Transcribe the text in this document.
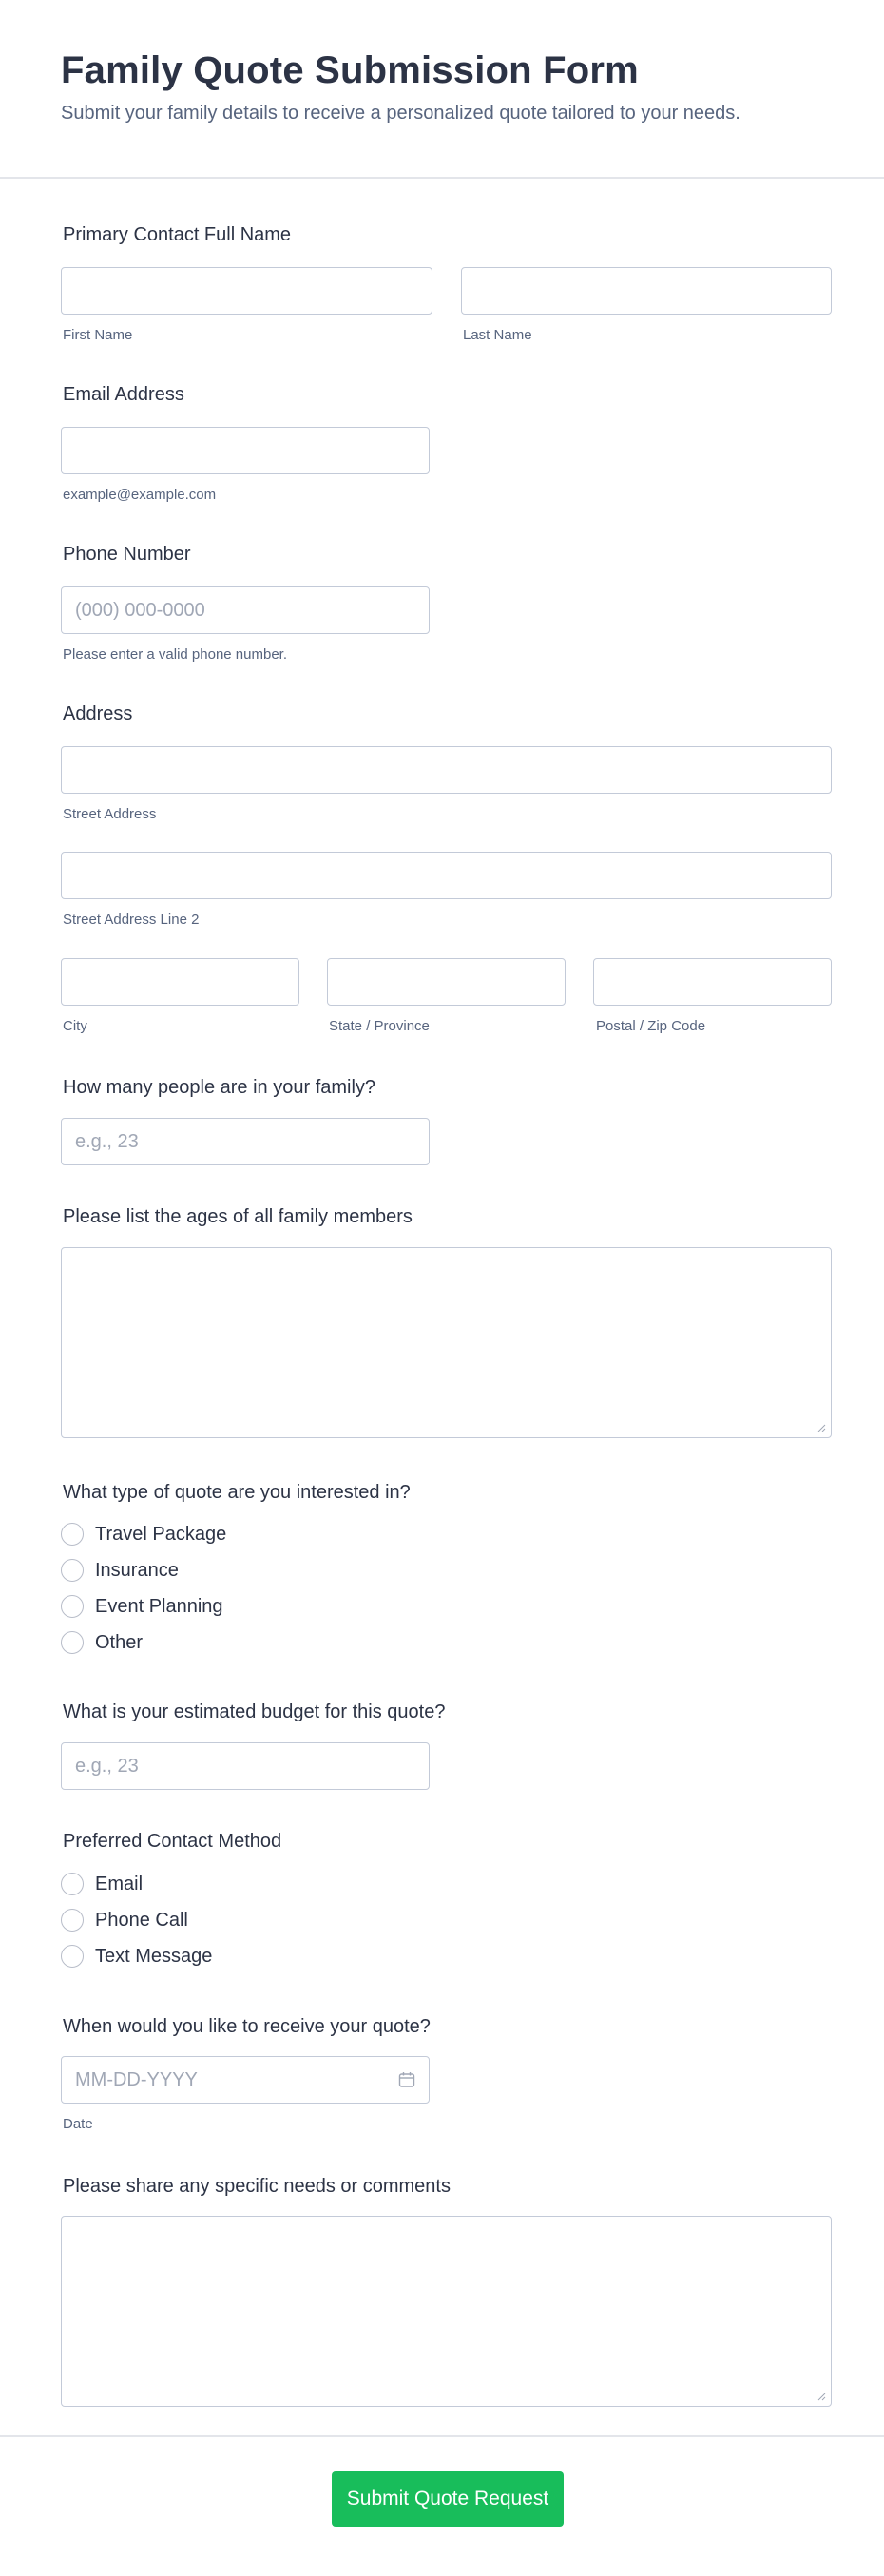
Family Quote Submission Form

Submit your family details to receive a personalized quote tailored to your needs.

Primary Contact Full Name
First Name	Last Name
Email Address
example@example.com
Phone Number
(000) 000-0000
Please enter a valid phone number.
Address
Street Address
Street Address Line 2
City	State / Province	Postal / Zip Code
How many people are in your family?
e.g., 23
Please list the ages of all family members
What type of quote are you interested in?
Travel Package
Insurance
Event Planning
Other
What is your estimated budget for this quote?
e.g., 23
Preferred Contact Method
Email
Phone Call
Text Message
When would you like to receive your quote?
MM-DD-YYYY
Date
Please share any specific needs or comments
Submit Quote Request
